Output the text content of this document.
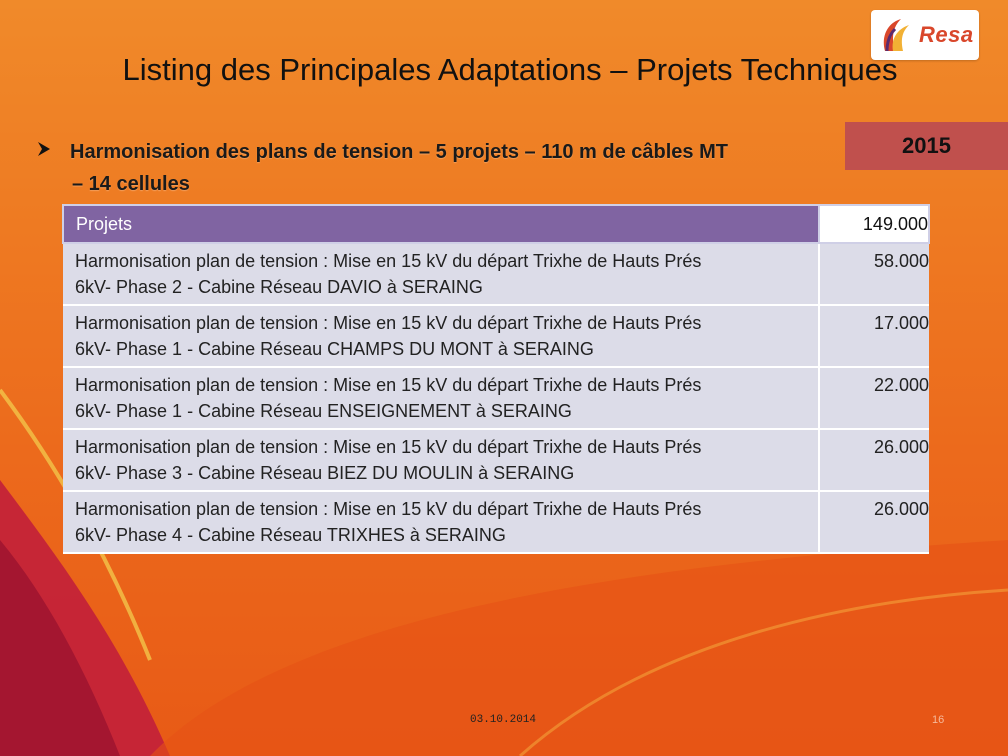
Resa
Listing des Principales Adaptations – Projets Techniques
Harmonisation des plans de tension – 5 projets – 110 m de câbles MT
– 14 cellules
2015
Projets	149.000

Harmonisation plan de tension : Mise en 15 kV du départ Trixhe de Hauts Prés
6kV- Phase 2 - Cabine Réseau DAVIO à SERAING	58.000

Harmonisation plan de tension : Mise en 15 kV du départ Trixhe de Hauts Prés
6kV- Phase 1 - Cabine Réseau CHAMPS DU MONT à SERAING	17.000

Harmonisation plan de tension : Mise en 15 kV du départ Trixhe de Hauts Prés
6kV- Phase 1 - Cabine Réseau ENSEIGNEMENT à SERAING	22.000

Harmonisation plan de tension : Mise en 15 kV du départ Trixhe de Hauts Prés
6kV- Phase 3 - Cabine Réseau BIEZ DU MOULIN à SERAING	26.000

Harmonisation plan de tension : Mise en 15 kV du départ Trixhe de Hauts Prés
6kV- Phase 4 - Cabine Réseau TRIXHES à SERAING	26.000
03.10.2014	16
